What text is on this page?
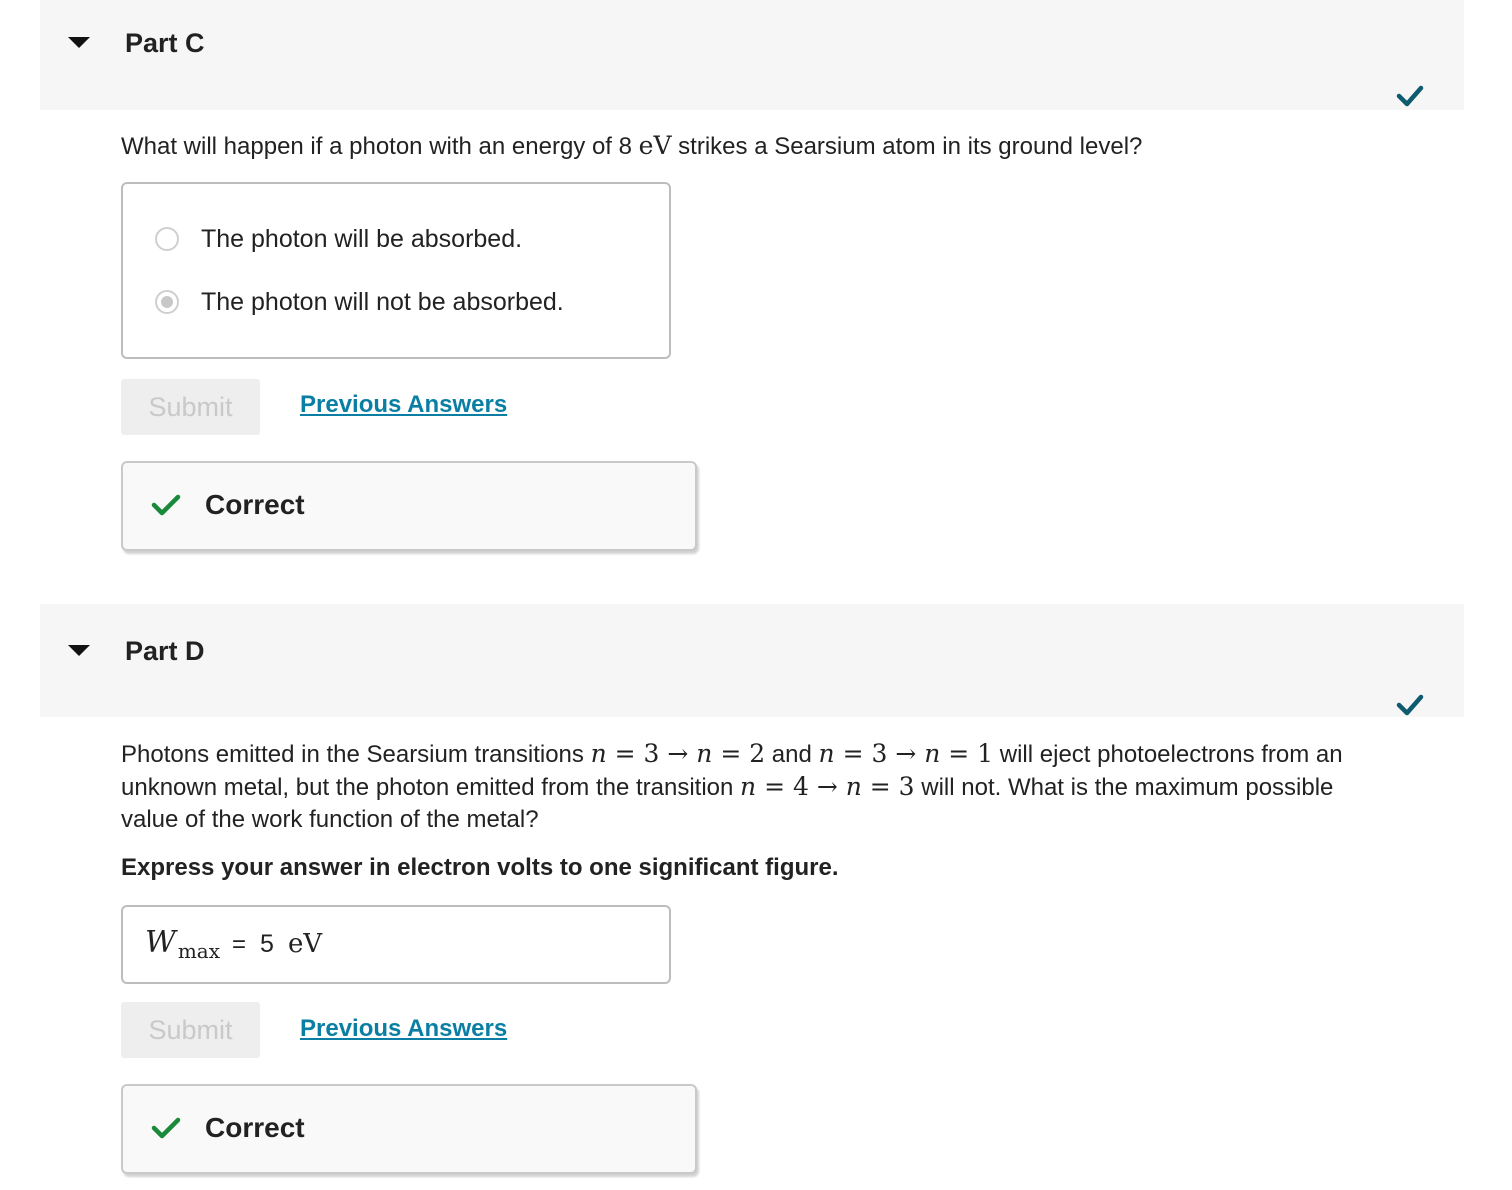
Part C
What will happen if a photon with an energy of 8 eV strikes a Searsium atom in its ground level?
The photon will be absorbed.
The photon will not be absorbed.
Submit	Previous Answers
Correct
Part D
Photons emitted in the Searsium transitions n = 3 → n = 2 and n = 3 → n = 1 will eject photoelectrons from an
unknown metal, but the photon emitted from the transition n = 4 → n = 3 will not. What is the maximum possible
value of the work function of the metal?
Express your answer in electron volts to one significant figure.
W max = 5 eV
Submit	Previous Answers
Correct
